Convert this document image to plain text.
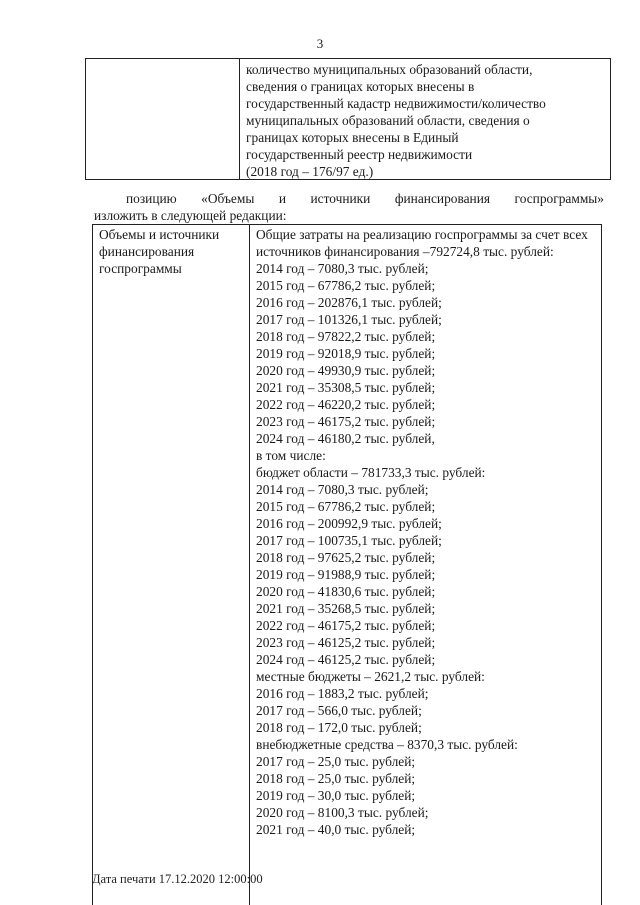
3
количество муниципальных образований области,
сведения о границах которых внесены в
государственный кадастр недвижимости/количество
муниципальных образований области, сведения о
границах которых внесены в Единый
государственный реестр недвижимости
(2018 год – 176/97 ед.)
позицию «Объемы и источники финансирования госпрограммы»
изложить в следующей редакции:
Объемы и источники финансирования госпрограммы
Общие затраты на реализацию госпрограммы за счет всех
источников финансирования –792724,8 тыс. рублей:
2014 год – 7080,3 тыс. рублей;
2015 год – 67786,2 тыс. рублей;
2016 год – 202876,1 тыс. рублей;
2017 год – 101326,1 тыс. рублей;
2018 год – 97822,2 тыс. рублей;
2019 год – 92018,9 тыс. рублей;
2020 год – 49930,9 тыс. рублей;
2021 год – 35308,5 тыс. рублей;
2022 год – 46220,2 тыс. рублей;
2023 год – 46175,2 тыс. рублей;
2024 год – 46180,2 тыс. рублей,
в том числе:
бюджет области – 781733,3 тыс. рублей:
2014 год – 7080,3 тыс. рублей;
2015 год – 67786,2 тыс. рублей;
2016 год – 200992,9 тыс. рублей;
2017 год – 100735,1 тыс. рублей;
2018 год – 97625,2 тыс. рублей;
2019 год – 91988,9 тыс. рублей;
2020 год – 41830,6 тыс. рублей;
2021 год – 35268,5 тыс. рублей;
2022 год – 46175,2 тыс. рублей;
2023 год – 46125,2 тыс. рублей;
2024 год – 46125,2 тыс. рублей;
местные бюджеты – 2621,2 тыс. рублей:
2016 год – 1883,2 тыс. рублей;
2017 год – 566,0 тыс. рублей;
2018 год – 172,0 тыс. рублей;
внебюджетные средства – 8370,3 тыс. рублей:
2017 год – 25,0 тыс. рублей;
2018 год – 25,0 тыс. рублей;
2019 год – 30,0 тыс. рублей;
2020 год – 8100,3 тыс. рублей;
2021 год – 40,0 тыс. рублей;
Дата печати 17.12.2020 12:00:00
